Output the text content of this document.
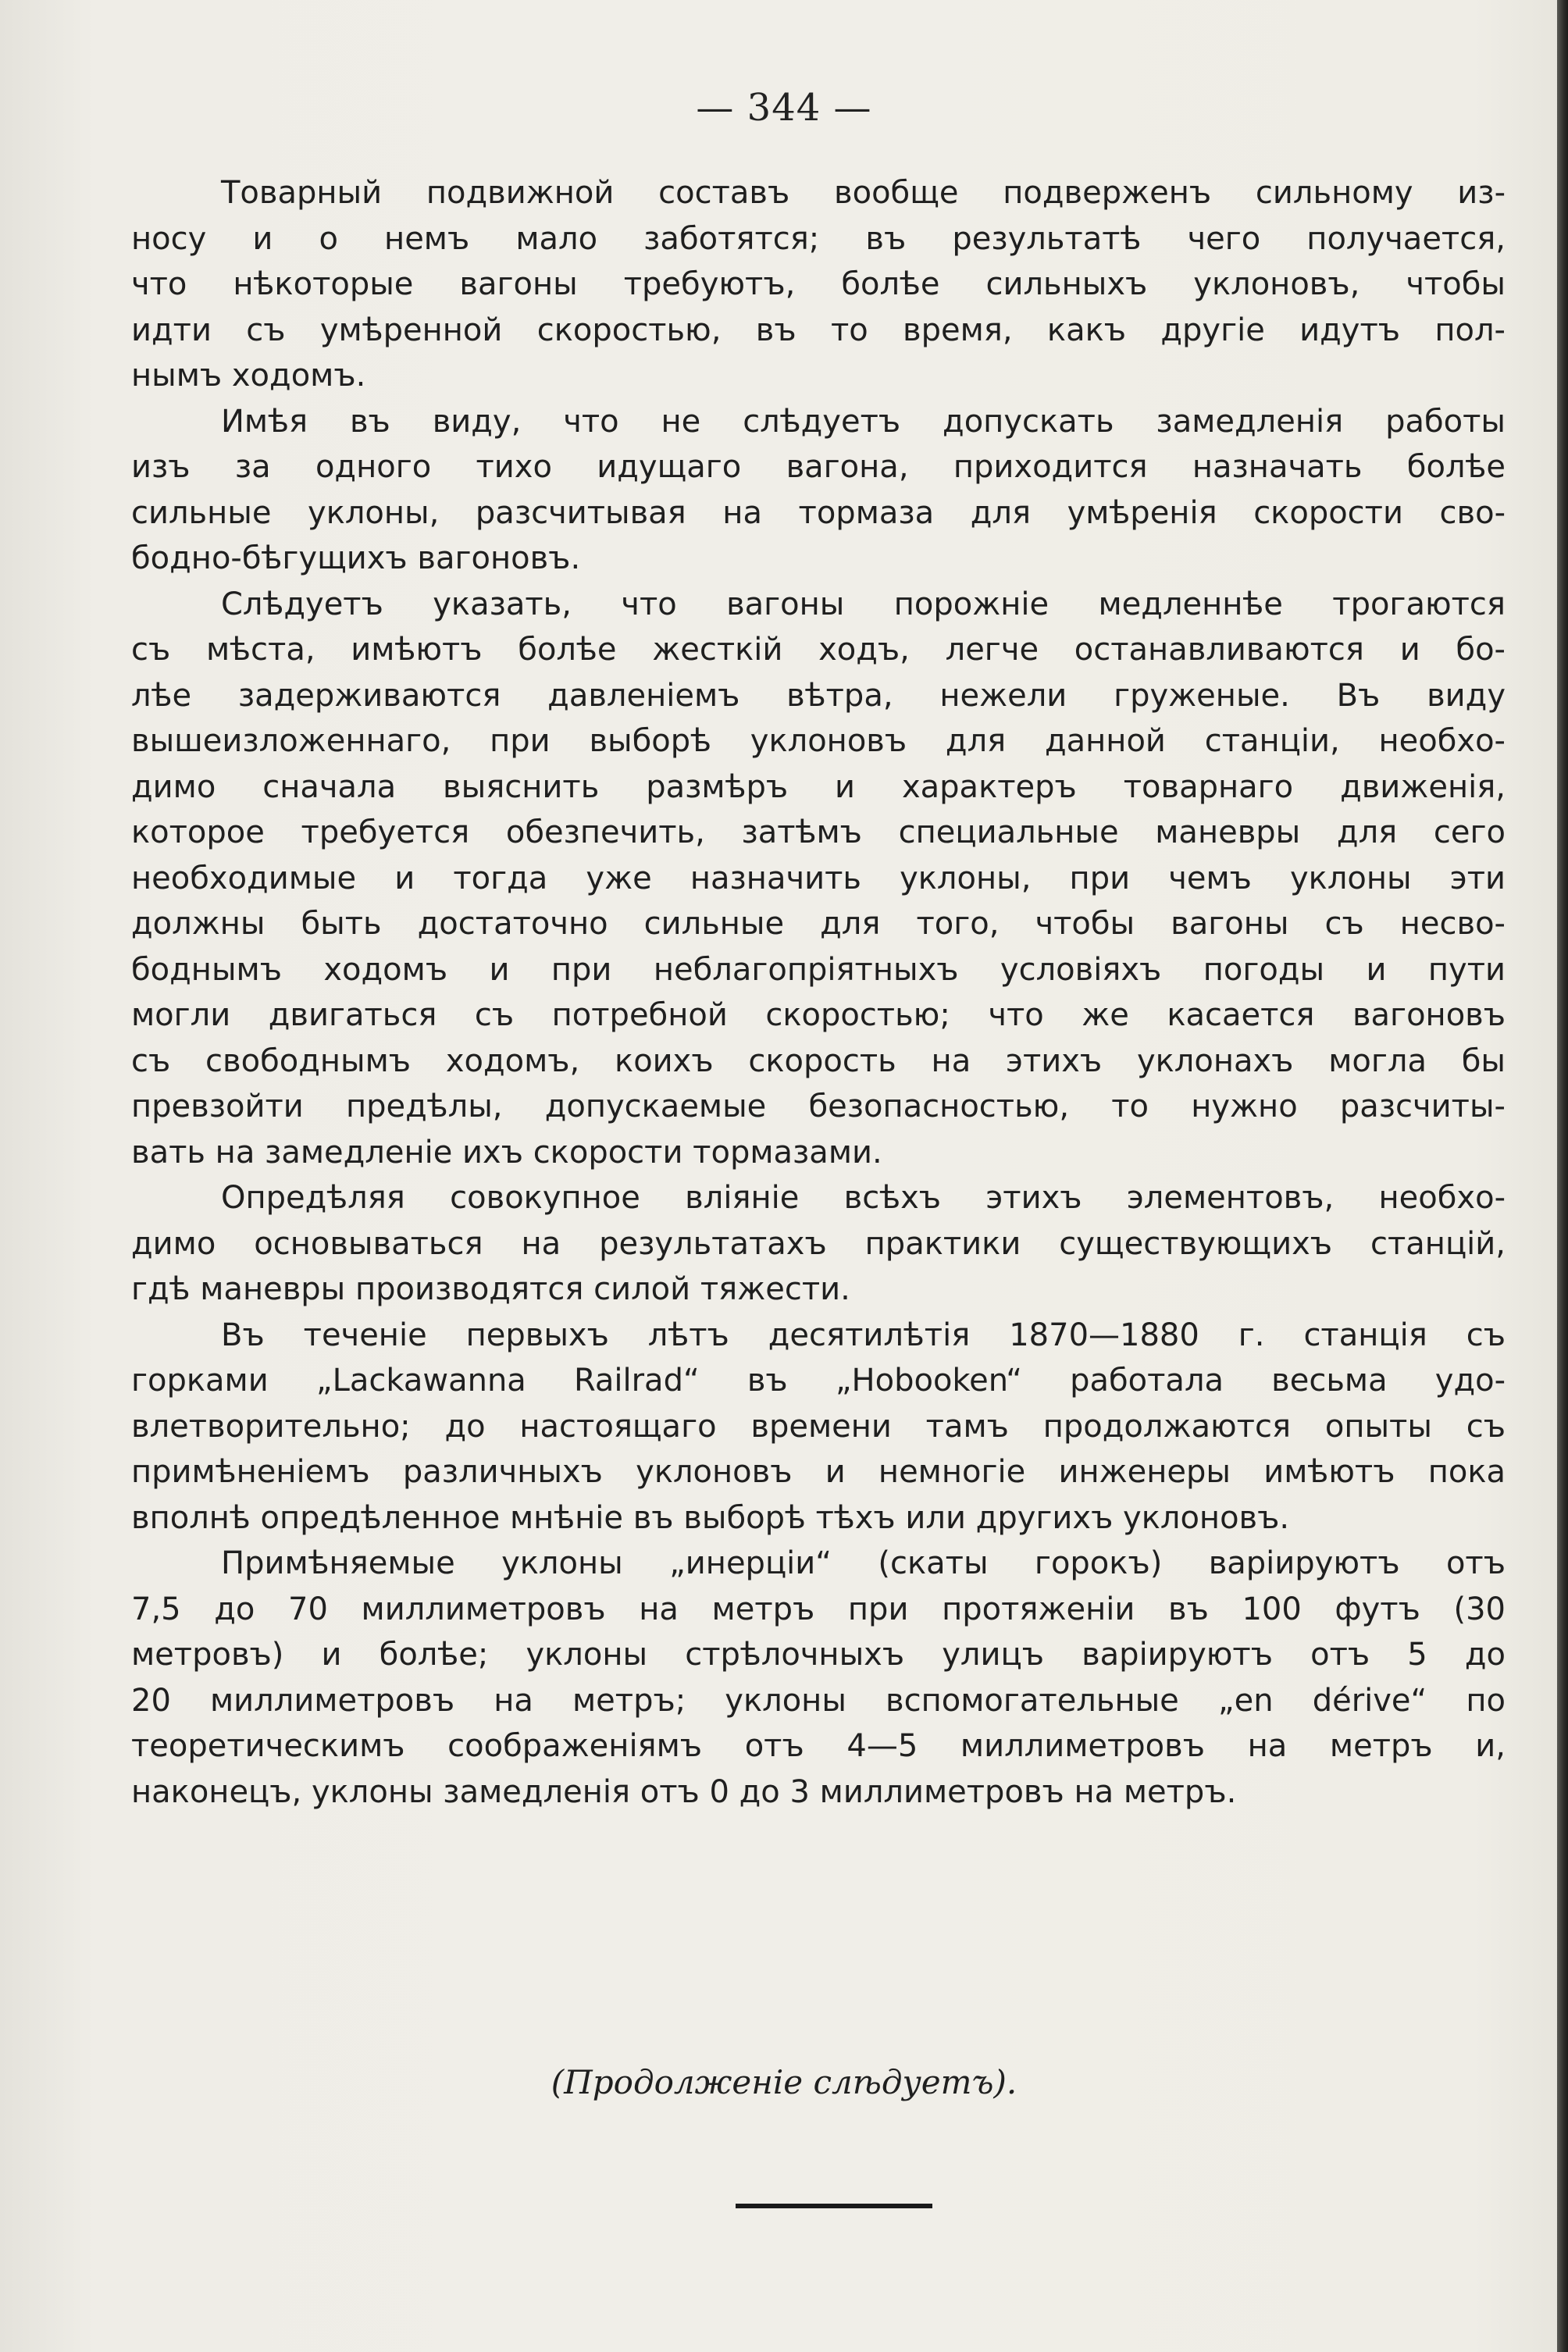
— 344 —

Товарный подвижной составъ вообще подверженъ сильному из-
носу и о немъ мало заботятся; въ результатѣ чего получается,
что нѣкоторые вагоны требуютъ, болѣе сильныхъ уклоновъ, чтобы
идти съ умѣренной скоростью, въ то время, какъ другіе идутъ пол-
нымъ ходомъ.

Имѣя въ виду, что не слѣдуетъ допускать замедленія работы
изъ за одного тихо идущаго вагона, приходится назначать болѣе
сильные уклоны, разсчитывая на тормаза для умѣренія скорости сво-
бодно-бѣгущихъ вагоновъ.

Слѣдуетъ указать, что вагоны порожніе медленнѣе трогаются
съ мѣста, имѣютъ болѣе жесткій ходъ, легче останавливаются и бо-
лѣе задерживаются давленіемъ вѣтра, нежели груженые. Въ виду
вышеизложеннаго, при выборѣ уклоновъ для данной станціи, необхо-
димо сначала выяснить размѣръ и характеръ товарнаго движенія,
которое требуется обезпечить, затѣмъ специальные маневры для сего
необходимые и тогда уже назначить уклоны, при чемъ уклоны эти
должны быть достаточно сильные для того, чтобы вагоны съ несво-
боднымъ ходомъ и при неблагопріятныхъ условіяхъ погоды и пути
могли двигаться съ потребной скоростью; что же касается вагоновъ
съ свободнымъ ходомъ, коихъ скорость на этихъ уклонахъ могла бы
превзойти предѣлы, допускаемые безопасностью, то нужно разсчиты-
вать на замедленіе ихъ скорости тормазами.

Опредѣляя совокупное вліяніе всѣхъ этихъ элементовъ, необхо-
димо основываться на результатахъ практики существующихъ станцій,
гдѣ маневры производятся силой тяжести.

Въ теченіе первыхъ лѣтъ десятилѣтія 1870—1880 г. станція съ
горками „Lackawanna Railrad“ въ „Hobooken“ работала весьма удо-
влетворительно; до настоящаго времени тамъ продолжаются опыты съ
примѣненіемъ различныхъ уклоновъ и немногіе инженеры имѣютъ пока
вполнѣ опредѣленное мнѣніе въ выборѣ тѣхъ или другихъ уклоновъ.

Примѣняемые уклоны „инерціи“ (скаты горокъ) варіируютъ отъ
7,5 до 70 миллиметровъ на метръ при протяженіи въ 100 футъ (30
метровъ) и болѣе; уклоны стрѣлочныхъ улицъ варіируютъ отъ 5 до
20 миллиметровъ на метръ; уклоны вспомогательные „en dérive“ по
теоретическимъ соображеніямъ отъ 4—5 миллиметровъ на метръ и,
наконецъ, уклоны замедленія отъ 0 до 3 миллиметровъ на метръ.

(Продолженіе слѣдуетъ).
